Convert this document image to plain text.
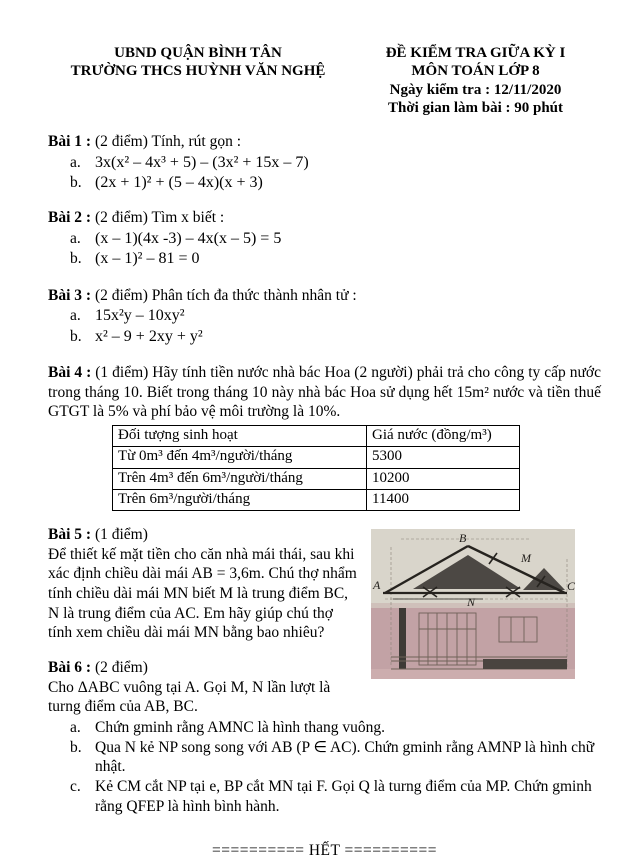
UBND QUẬN BÌNH TÂN
TRƯỜNG THCS HUỲNH VĂN NGHỆ
ĐỀ KIỂM TRA GIỮA KỲ I
MÔN TOÁN LỚP 8
Ngày kiểm tra : 12/11/2020
Thời gian làm bài : 90 phút
Bài 1 : (2 điểm) Tính, rút gọn :
a. 3x(x² – 4x³ + 5) – (3x² + 15x – 7)
b. (2x + 1)² + (5 – 4x)(x + 3)
Bài 2 : (2 điểm) Tìm x biết :
a. (x – 1)(4x -3) – 4x(x – 5) = 5
b. (x – 1)² – 81 = 0
Bài 3 : (2 điểm) Phân tích đa thức thành nhân tử :
a. 15x²y – 10xy²
b. x² – 9 + 2xy + y²
Bài 4 : (1 điểm) Hãy tính tiền nước nhà bác Hoa (2 người) phải trả cho công ty cấp nước trong tháng 10. Biết trong tháng 10 này nhà bác Hoa sử dụng hết 15m² nước và tiền thuế GTGT là 5% và phí bảo vệ môi trường là 10%.
Đối tượng sinh hoạt	Giá nước (đồng/m³)
Từ 0m³ đến 4m³/người/tháng	5300
Trên 4m³ đến 6m³/người/tháng	10200
Trên 6m³/người/tháng	11400
B
A	C
M
N
Bài 5 : (1 điểm)
Để thiết kế mặt tiền cho căn nhà mái thái, sau khi xác định chiều dài mái AB = 3,6m. Chú thợ nhẩm tính chiều dài mái MN biết M là trung điểm BC, N là trung điểm của AC. Em hãy giúp chú thợ tính xem chiều dài mái MN bằng bao nhiêu?
Bài 6 : (2 điểm)
Cho ΔABC vuông tại A. Gọi M, N lần lượt là turng điểm của AB, BC.
a. Chứn gminh rằng AMNC là hình thang vuông.
b. Qua N kẻ NP song song với AB (P ∈ AC). Chứn gminh rằng AMNP là hình chữ nhật.
c. Kẻ CM cắt NP tại e, BP cắt MN tại F. Gọi Q là turng điểm của MP. Chứn gminh rằng QFEP là hình bình hành.
========== HẾT ==========
